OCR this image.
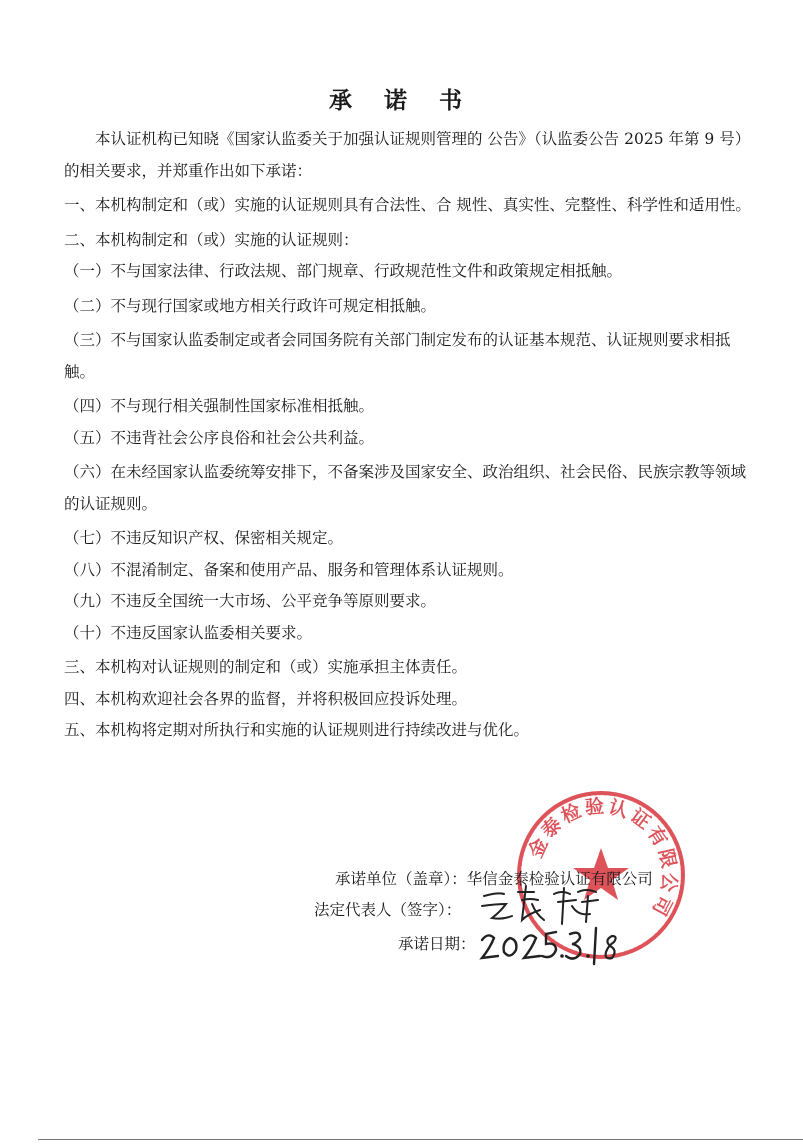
承 诺 书

本认证机构已知晓《国家认监委关于加强认证规则管理的 公告》（认监委公告 2025 年第 9 号）的相关要求，并郑重作出如下承诺：

一、本机构制定和（或）实施的认证规则具有合法性、合 规性、真实性、完整性、科学性和适用性。

二、本机构制定和（或）实施的认证规则：

（一）不与国家法律、行政法规、部门规章、行政规范性文件和政策规定相抵触。

（二）不与现行国家或地方相关行政许可规定相抵触。

（三）不与国家认监委制定或者会同国务院有关部门制定发布的认证基本规范、认证规则要求相抵触。

（四）不与现行相关强制性国家标准相抵触。

（五）不违背社会公序良俗和社会公共利益。

（六）在未经国家认监委统筹安排下，不备案涉及国家安全、政治组织、社会民俗、民族宗教等领域的认证规则。

（七）不违反知识产权、保密相关规定。

（八）不混淆制定、备案和使用产品、服务和管理体系认证规则。

（九）不违反全国统一大市场、公平竞争等原则要求。

（十）不违反国家认监委相关要求。

三、本机构对认证规则的制定和（或）实施承担主体责任。

四、本机构欢迎社会各界的监督，并将积极回应投诉处理。

五、本机构将定期对所执行和实施的认证规则进行持续改进与优化。

金泰检验认证有限公司
承诺单位（盖章）：华信金泰检验认证有限公司
法定代表人（签字）：
承诺日期：
